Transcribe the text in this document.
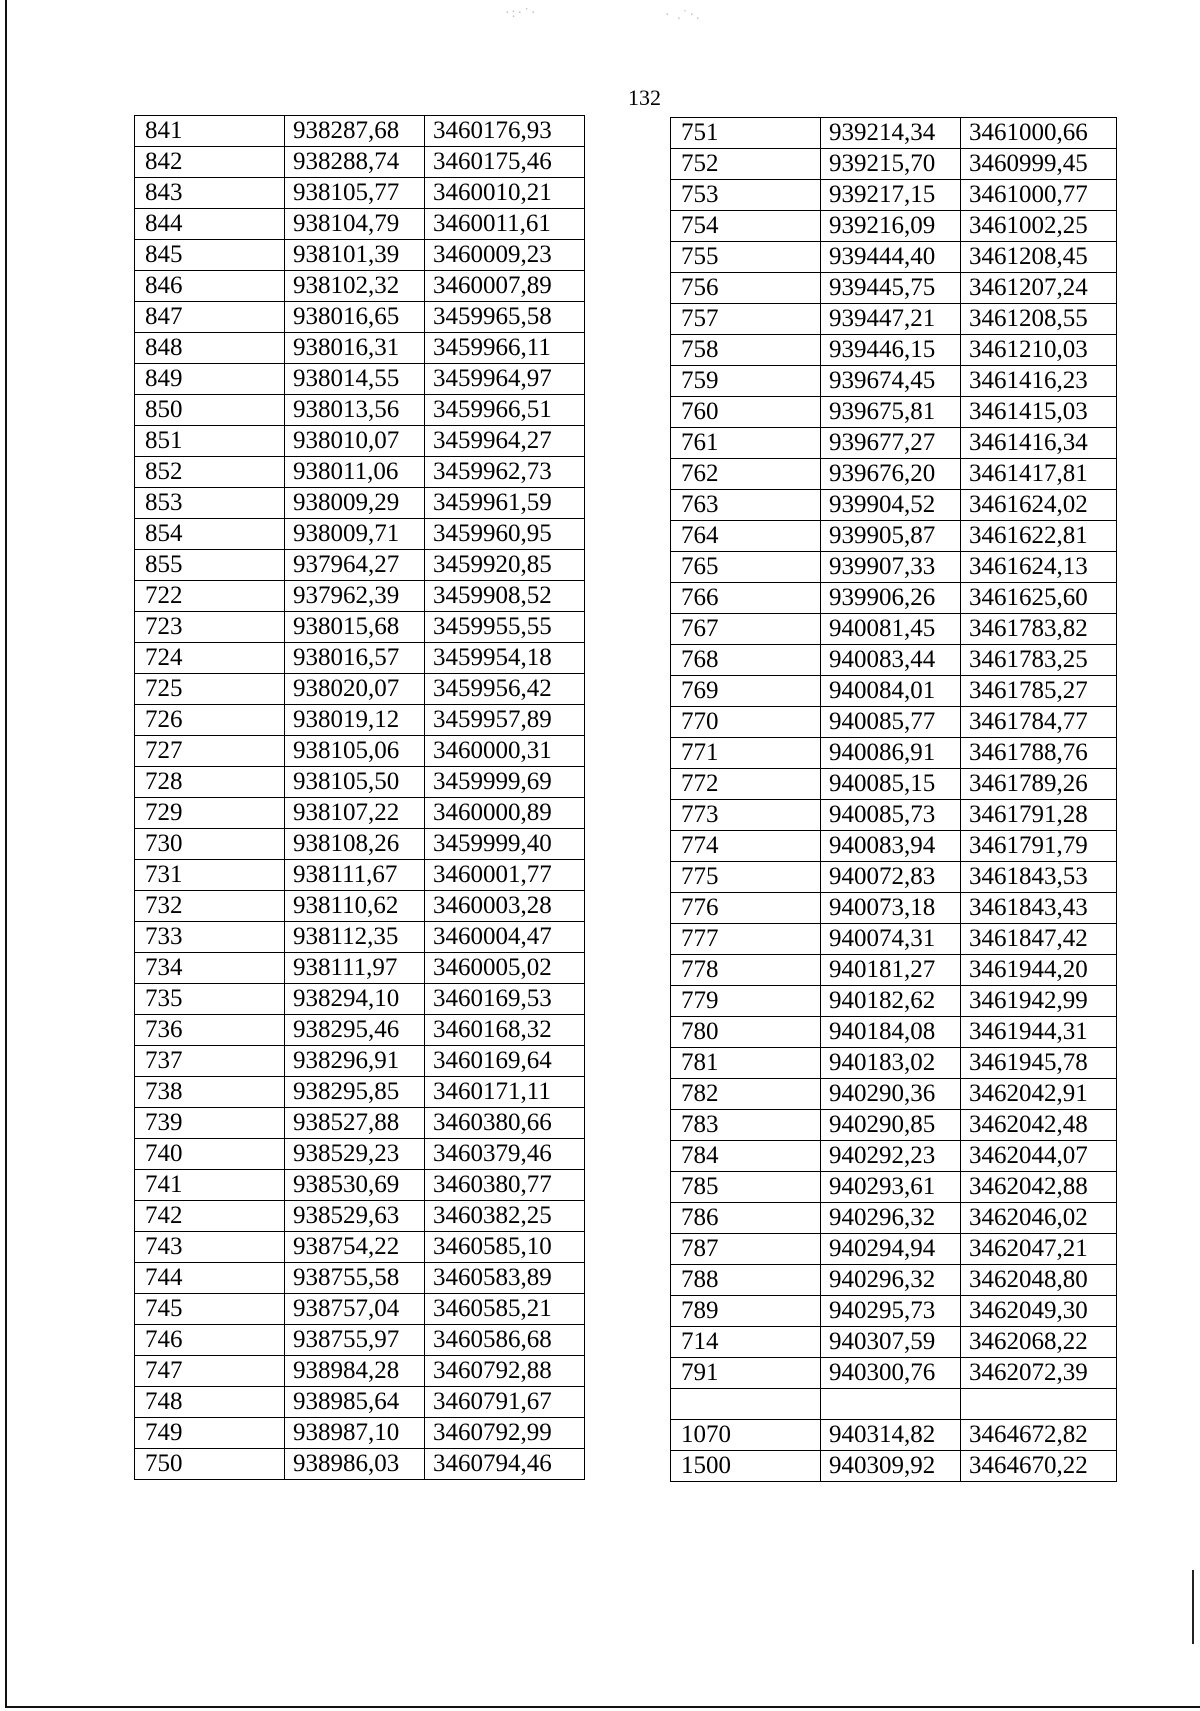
·:·˙·	· .˙·.
132
841	938287,68	3460176,93
842	938288,74	3460175,46
843	938105,77	3460010,21
844	938104,79	3460011,61
845	938101,39	3460009,23
846	938102,32	3460007,89
847	938016,65	3459965,58
848	938016,31	3459966,11
849	938014,55	3459964,97
850	938013,56	3459966,51
851	938010,07	3459964,27
852	938011,06	3459962,73
853	938009,29	3459961,59
854	938009,71	3459960,95
855	937964,27	3459920,85
722	937962,39	3459908,52
723	938015,68	3459955,55
724	938016,57	3459954,18
725	938020,07	3459956,42
726	938019,12	3459957,89
727	938105,06	3460000,31
728	938105,50	3459999,69
729	938107,22	3460000,89
730	938108,26	3459999,40
731	938111,67	3460001,77
732	938110,62	3460003,28
733	938112,35	3460004,47
734	938111,97	3460005,02
735	938294,10	3460169,53
736	938295,46	3460168,32
737	938296,91	3460169,64
738	938295,85	3460171,11
739	938527,88	3460380,66
740	938529,23	3460379,46
741	938530,69	3460380,77
742	938529,63	3460382,25
743	938754,22	3460585,10
744	938755,58	3460583,89
745	938757,04	3460585,21
746	938755,97	3460586,68
747	938984,28	3460792,88
748	938985,64	3460791,67
749	938987,10	3460792,99
750	938986,03	3460794,46
751	939214,34	3461000,66
752	939215,70	3460999,45
753	939217,15	3461000,77
754	939216,09	3461002,25
755	939444,40	3461208,45
756	939445,75	3461207,24
757	939447,21	3461208,55
758	939446,15	3461210,03
759	939674,45	3461416,23
760	939675,81	3461415,03
761	939677,27	3461416,34
762	939676,20	3461417,81
763	939904,52	3461624,02
764	939905,87	3461622,81
765	939907,33	3461624,13
766	939906,26	3461625,60
767	940081,45	3461783,82
768	940083,44	3461783,25
769	940084,01	3461785,27
770	940085,77	3461784,77
771	940086,91	3461788,76
772	940085,15	3461789,26
773	940085,73	3461791,28
774	940083,94	3461791,79
775	940072,83	3461843,53
776	940073,18	3461843,43
777	940074,31	3461847,42
778	940181,27	3461944,20
779	940182,62	3461942,99
780	940184,08	3461944,31
781	940183,02	3461945,78
782	940290,36	3462042,91
783	940290,85	3462042,48
784	940292,23	3462044,07
785	940293,61	3462042,88
786	940296,32	3462046,02
787	940294,94	3462047,21
788	940296,32	3462048,80
789	940295,73	3462049,30
714	940307,59	3462068,22
791	940300,76	3462072,39

1070	940314,82	3464672,82
1500	940309,92	3464670,22
